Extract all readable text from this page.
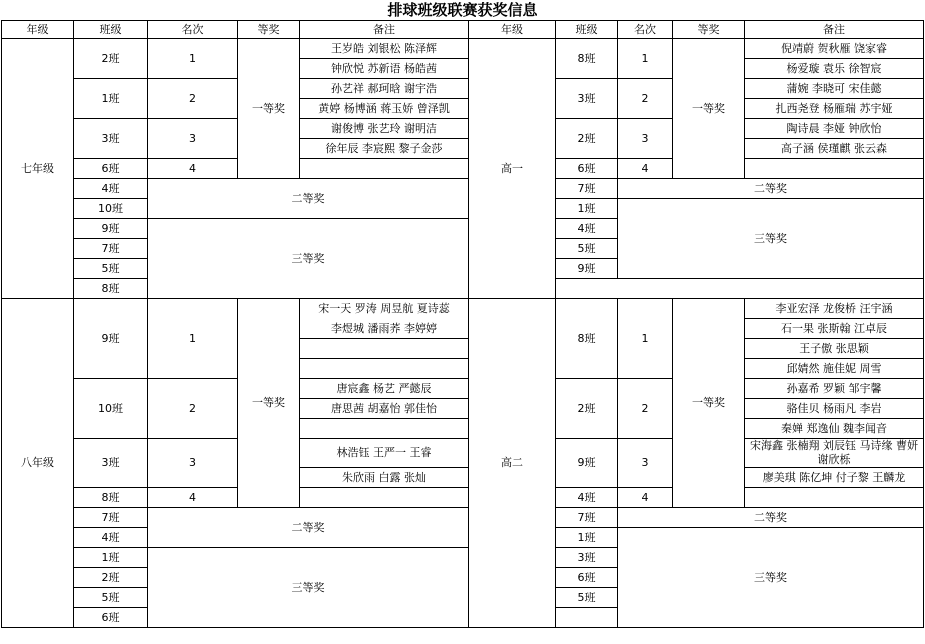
排球班级联赛获奖信息
年级	班级	名次	等奖	备注	年级	班级	名次	等奖	备注
七年级	2班	1	一等奖	王岁皓 刘银松 陈泽辉	高一	8班	1	一等奖	倪靖蔚 贺秋雁 饶家睿
				钟欣悦 苏新语 杨皓茜					杨爱璇 袁乐 徐智宸
	1班	2		孙艺祥 郝珂晗 谢宇浩		3班	2		蒲婉 李晓可 宋佳懿
				黄婷 杨博涵 蒋玉娇 曾泽凯					扎西尧登 杨雁瑞 苏宇娅
	3班	3		谢俊博 张艺玲 谢明洁		2班	3		陶诗晨 李娅 钟欣怡
				徐年辰 李宸熙 黎子金莎					高子涵 侯瑾麒 张云森
	6班	4				6班	4		
	4班	二等奖				7班	二等奖		
	10班					1班	三等奖		
	9班	三等奖				4班			
	7班					5班			
	5班					9班			
	8班								
八年级	9班	1	一等奖	宋一天 罗涛 周昱航 夏诗蕊	高二	8班	1	一等奖	李亚宏泽 龙俊桥 汪宇涵
				李煜城 潘雨荞 李婷婷					石一果 张斯翰 江卓辰
									王子傲 张思颖
									邱婧然 施佳妮 周雪
	10班	2		唐宸鑫 杨艺 严懿辰		2班	2		孙嘉希 罗颖 邹宇馨
				唐思茜 胡嘉怡 郭佳怡					骆佳贝 杨雨凡 李岩
									秦婵 郑逸仙 魏李闻音
	3班	3		林浩钰 王严一 王睿		9班	3		宋海鑫 张楠翔 刘辰钰 马诗缘 曹妍 谢欣栎

				朱欣雨 白露 张灿					廖美琪 陈亿坤 付子黎 王麟龙
	8班	4				4班	4		
	7班	二等奖				7班	二等奖		
	4班					1班	三等奖		
	1班	三等奖				3班			
	2班					6班			
	5班					5班			
	6班								
